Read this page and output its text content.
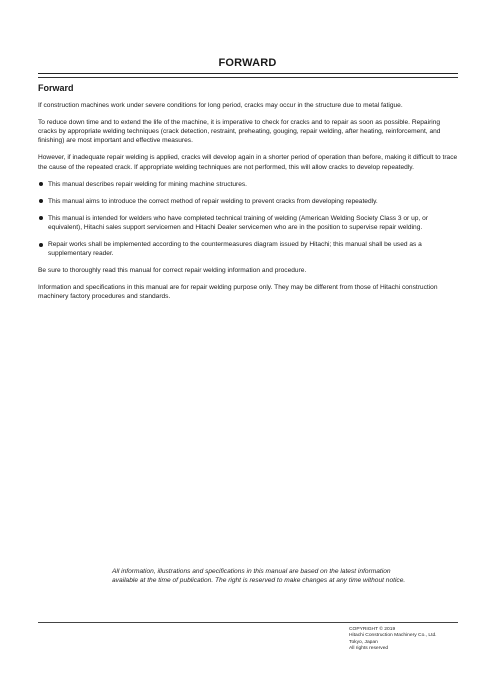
FORWARD
Forward

If construction machines work under severe conditions for long period, cracks may occur in the structure due to metal fatigue.

To reduce down time and to extend the life of the machine, it is imperative to check for cracks and to repair as soon as possible. Repairing cracks by appropriate welding techniques (crack detection, restraint, preheating, gouging, repair welding, after heating, reinforcement, and finishing) are most important and effective measures.

However, if inadequate repair welding is applied, cracks will develop again in a shorter period of operation than before, making it difficult to trace the cause of the repeated crack. If appropriate welding techniques are not performed, this will allow cracks to develop repeatedly.

This manual describes repair welding for mining machine structures.
This manual aims to introduce the correct method of repair welding to prevent cracks from developing repeatedly.
This manual is intended for welders who have completed technical training of welding (American Welding Society Class 3 or up, or equivalent), Hitachi sales support servicemen and Hitachi Dealer servicemen who are in the position to supervise repair welding.
Repair works shall be implemented according to the countermeasures diagram issued by Hitachi; this manual shall be used as a supplementary reader.

Be sure to thoroughly read this manual for correct repair welding information and procedure.

Information and specifications in this manual are for repair welding purpose only. They may be different from those of Hitachi construction machinery factory procedures and standards.

All information, illustrations and specifications in this manual are based on the latest information available at the time of publication. The right is reserved to make changes at any time without notice.
COPYRIGHT © 2019
Hitachi Construction Machinery Co., Ltd.
Tokyo, Japan
All rights reserved
